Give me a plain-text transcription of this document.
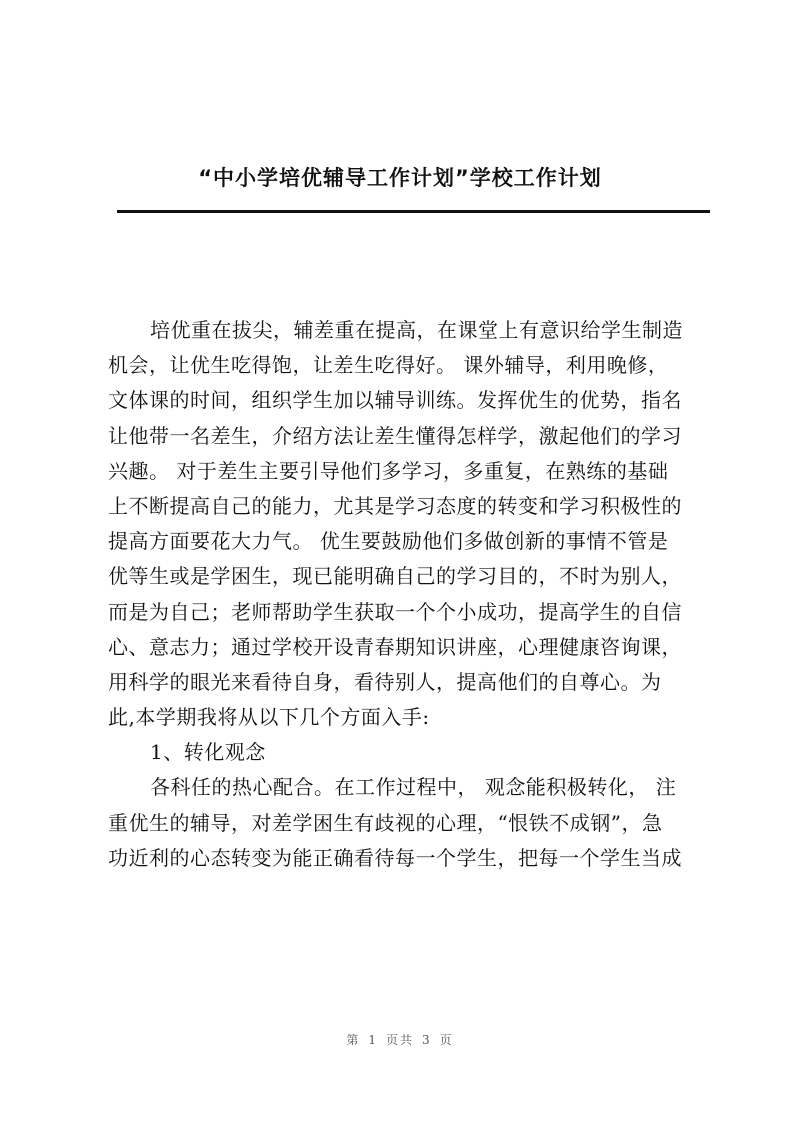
“中小学培优辅导工作计划”学校工作计划
培优重在拔尖，辅差重在提高，在课堂上有意识给学生制造
机会，让优生吃得饱，让差生吃得好。 课外辅导，利用晚修，
文体课的时间，组织学生加以辅导训练。发挥优生的优势，指名
让他带一名差生，介绍方法让差生懂得怎样学，激起他们的学习
兴趣。 对于差生主要引导他们多学习，多重复，在熟练的基础
上不断提高自己的能力，尤其是学习态度的转变和学习积极性的
提高方面要花大力气。 优生要鼓励他们多做创新的事情不管是
优等生或是学困生，现已能明确自己的学习目的，不时为别人，
而是为自己；老师帮助学生获取一个个小成功，提高学生的自信
心、意志力；通过学校开设青春期知识讲座，心理健康咨询课，
用科学的眼光来看待自身，看待别人，提高他们的自尊心。为
此,本学期我将从以下几个方面入手:
1、转化观念
各科任的热心配合。在工作过程中， 观念能积极转化， 注
重优生的辅导，对差学困生有歧视的心理，“恨铁不成钢”，急
功近利的心态转变为能正确看待每一个学生，把每一个学生当成
第 1 页共 3 页
